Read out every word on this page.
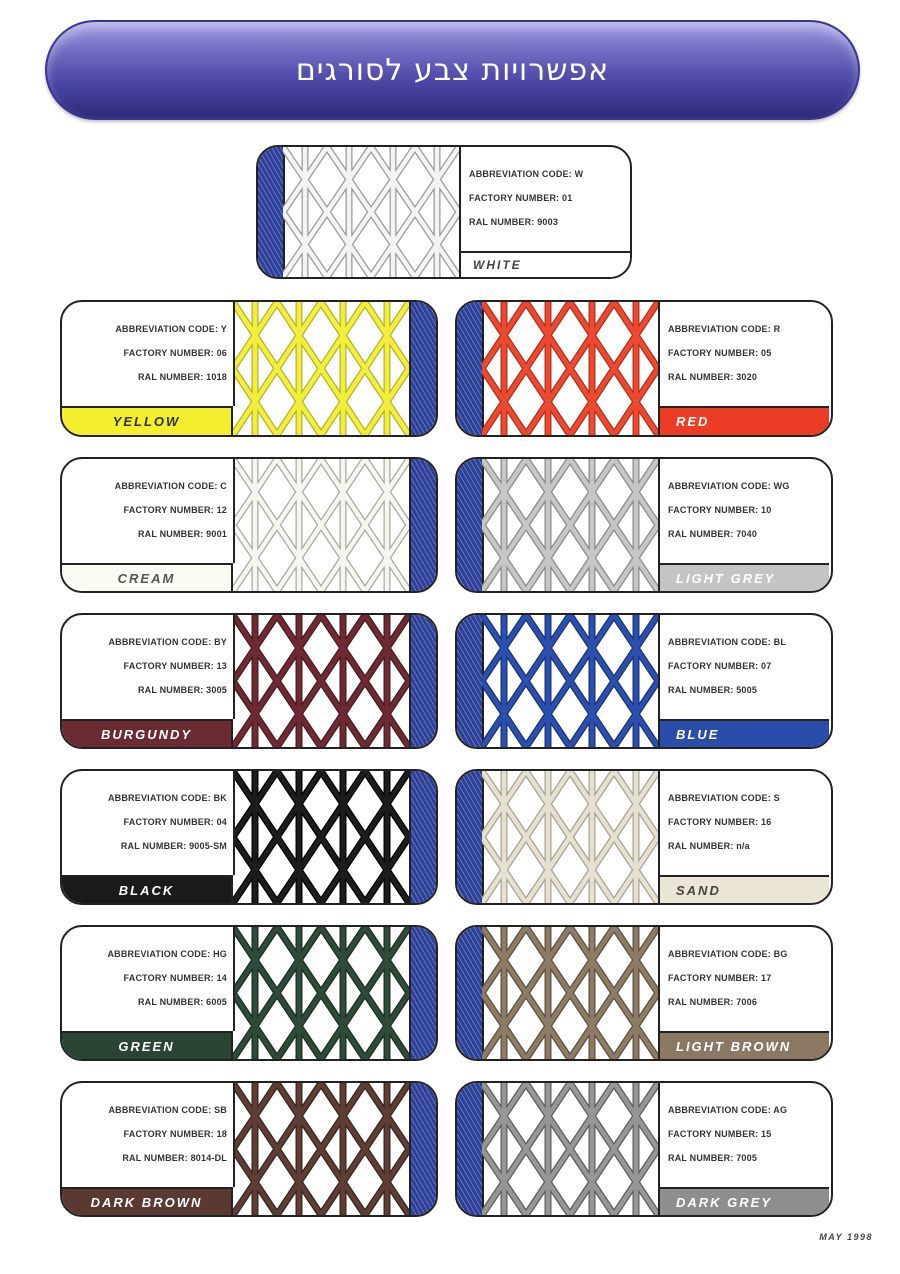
אפשרויות צבע לסורגים
ABBREVIATION CODE: W
FACTORY NUMBER: 01
RAL NUMBER: 9003
WHITE
ABBREVIATION CODE: Y
FACTORY NUMBER: 06
RAL NUMBER: 1018
YELLOW
ABBREVIATION CODE: R
FACTORY NUMBER: 05
RAL NUMBER: 3020
RED
ABBREVIATION CODE: C
FACTORY NUMBER: 12
RAL NUMBER: 9001
CREAM
ABBREVIATION CODE: WG
FACTORY NUMBER: 10
RAL NUMBER: 7040
LIGHT GREY
ABBREVIATION CODE: BY
FACTORY NUMBER: 13
RAL NUMBER: 3005
BURGUNDY
ABBREVIATION CODE: BL
FACTORY NUMBER: 07
RAL NUMBER: 5005
BLUE
ABBREVIATION CODE: BK
FACTORY NUMBER: 04
RAL NUMBER: 9005-SM
BLACK
ABBREVIATION CODE: S
FACTORY NUMBER: 16
RAL NUMBER: n/a
SAND
ABBREVIATION CODE: HG
FACTORY NUMBER: 14
RAL NUMBER: 6005
GREEN
ABBREVIATION CODE: BG
FACTORY NUMBER: 17
RAL NUMBER: 7006
LIGHT BROWN
ABBREVIATION CODE: SB
FACTORY NUMBER: 18
RAL NUMBER: 8014-DL
DARK BROWN
ABBREVIATION CODE: AG
FACTORY NUMBER: 15
RAL NUMBER: 7005
DARK GREY
MAY 1998
